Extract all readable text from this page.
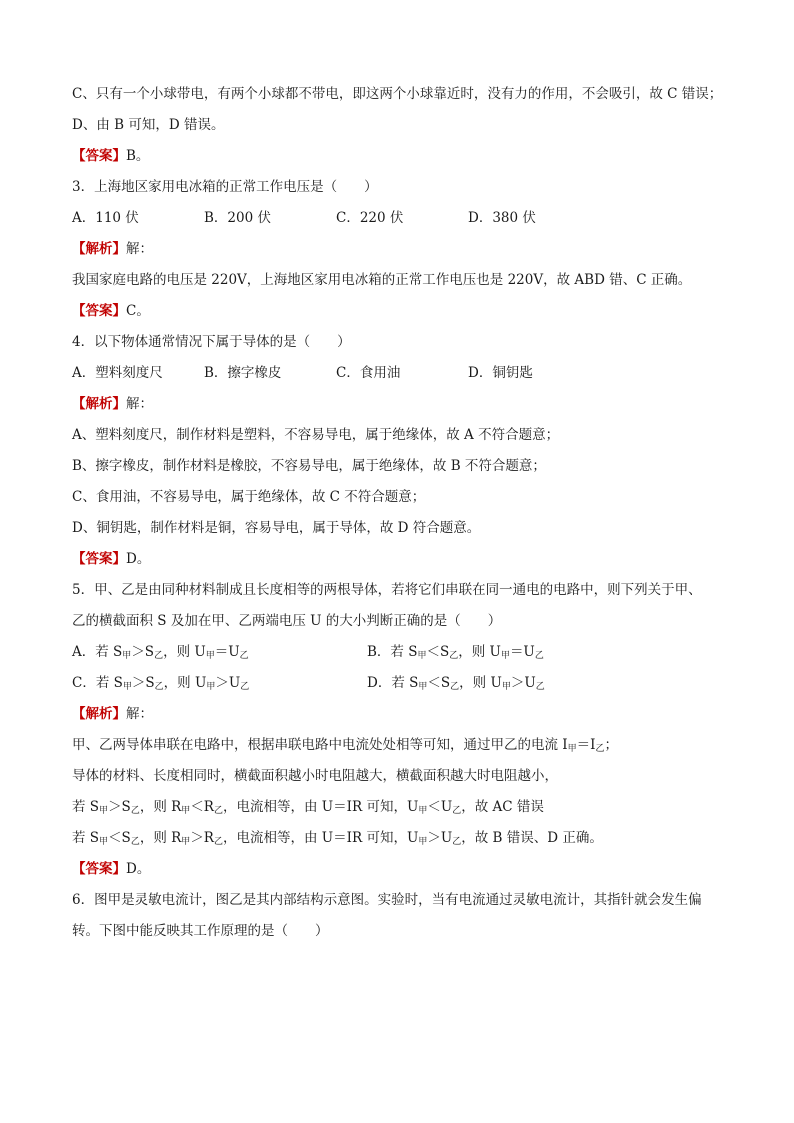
C、只有一个小球带电，有两个小球都不带电，即这两个小球靠近时，没有力的作用，不会吸引，故 C 错误；
D、由 B 可知，D 错误。
【答案】B。
3．上海地区家用电冰箱的正常工作电压是（　　）
A．110 伏	B．200 伏	C．220 伏	D．380 伏
【解析】解：
我国家庭电路的电压是 220V，上海地区家用电冰箱的正常工作电压也是 220V，故 ABD 错、C 正确。
【答案】C。
4．以下物体通常情况下属于导体的是（　　）
A．塑料刻度尺	B．擦字橡皮	C．食用油	D．铜钥匙
【解析】解：
A、塑料刻度尺，制作材料是塑料，不容易导电，属于绝缘体，故 A 不符合题意；
B、擦字橡皮，制作材料是橡胶，不容易导电，属于绝缘体，故 B 不符合题意；
C、食用油，不容易导电，属于绝缘体，故 C 不符合题意；
D、铜钥匙，制作材料是铜，容易导电，属于导体，故 D 符合题意。
【答案】D。
5．甲、乙是由同种材料制成且长度相等的两根导体，若将它们串联在同一通电的电路中，则下列关于甲、
乙的横截面积 S 及加在甲、乙两端电压 U 的大小判断正确的是（　　）
A．若 $S_甲>S_乙$，则 $U_甲=U_乙$	B．若 $S_甲<S_乙$，则 $U_甲=U_乙$
C．若 $S_甲>S_乙$，则 $U_甲>U_乙$	D．若 $S_甲<S_乙$，则 $U_甲>U_乙$
【解析】解：
甲、乙两导体串联在电路中，根据串联电路中电流处处相等可知，通过甲乙的电流 $I_甲=I_乙$；
导体的材料、长度相同时，横截面积越小时电阻越大，横截面积越大时电阻越小，
若 $S_甲>S_乙$，则 $R_甲<R_乙$，电流相等，由 U＝IR 可知，$U_甲<U_乙$，故 AC 错误
若 $S_甲<S_乙$，则 $R_甲>R_乙$，电流相等，由 U＝IR 可知，$U_甲>U_乙$，故 B 错误、D 正确。
【答案】D。
6．图甲是灵敏电流计，图乙是其内部结构示意图。实验时，当有电流通过灵敏电流计，其指针就会发生偏
转。下图中能反映其工作原理的是（　　）
